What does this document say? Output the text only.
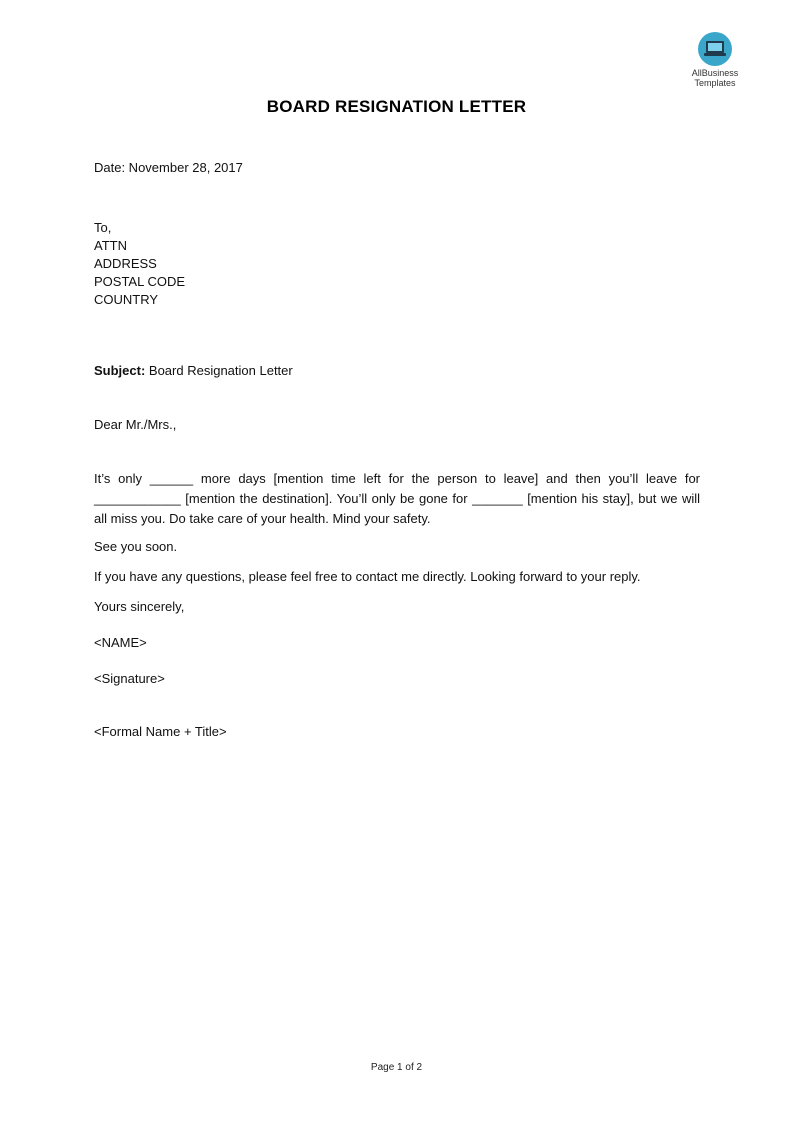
AllBusiness
Templates
BOARD RESIGNATION LETTER
Date: November 28, 2017
To,
ATTN
ADDRESS
POSTAL CODE
COUNTRY
Subject: Board Resignation Letter
Dear Mr./Mrs.,
It’s only ______ more days [mention time left for the person to leave] and then you’ll leave for ____________ [mention the destination]. You’ll only be gone for _______ [mention his stay], but we will all miss you. Do take care of your health. Mind your safety.
See you soon.
If you have any questions, please feel free to contact me directly. Looking forward to your reply.
Yours sincerely,
<NAME>
<Signature>
<Formal Name + Title>
Page 1 of 2
